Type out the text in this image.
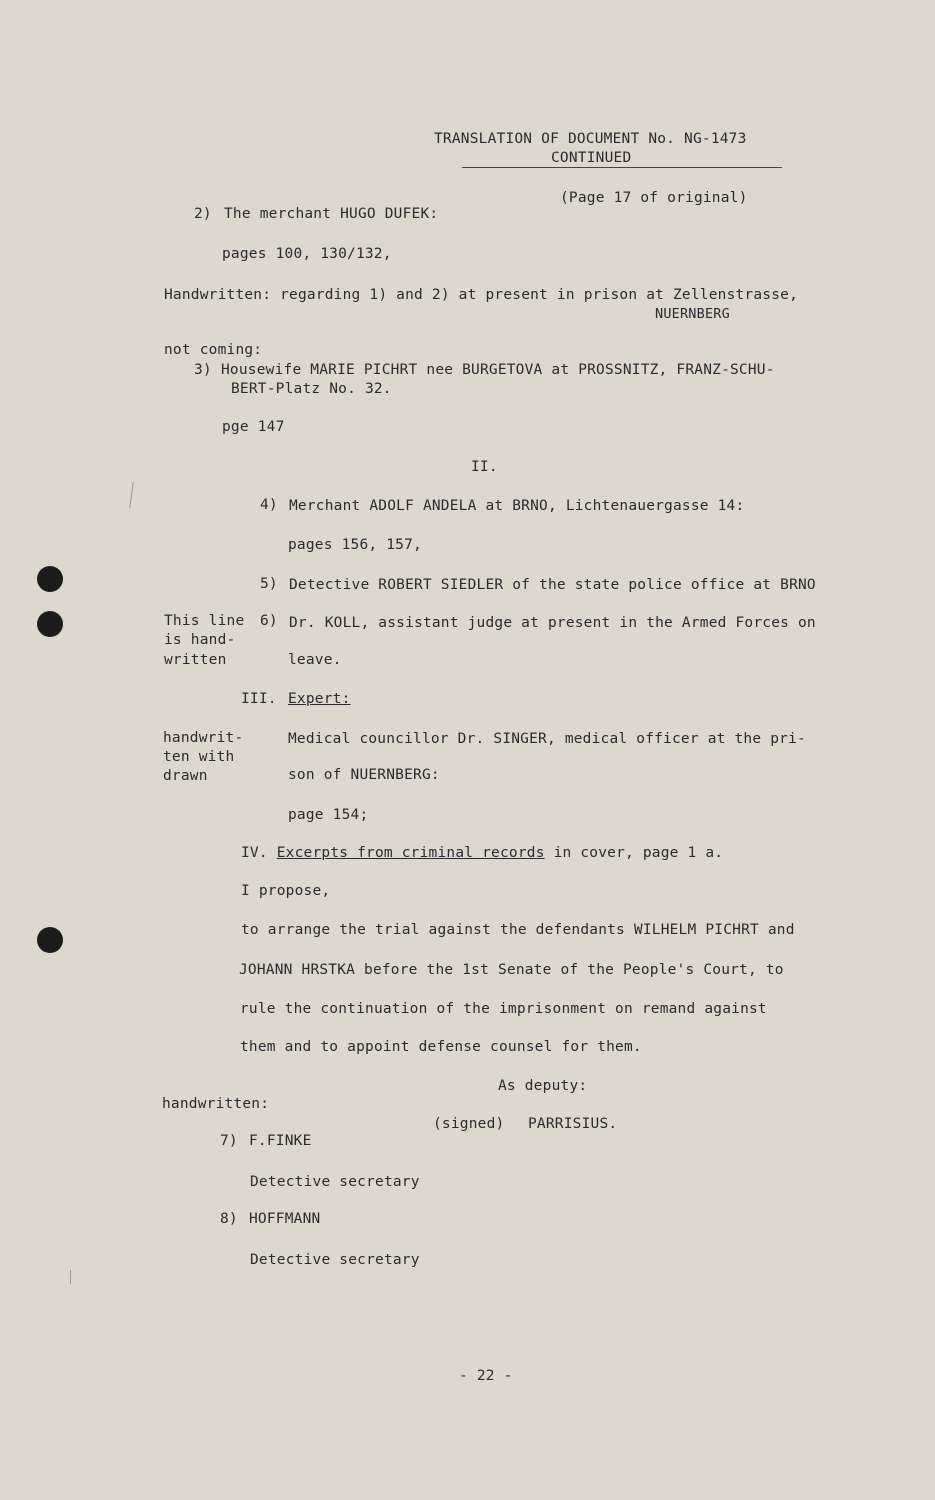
TRANSLATION OF DOCUMENT No. NG-1473
CONTINUED
(Page 17 of original)
2) The merchant HUGO DUFEK:
pages 100, 130/132,
Handwritten: regarding 1) and 2) at present in prison at Zellenstrasse,
NUERNBERG
not coming:
3) Housewife MARIE PICHRT nee BURGETOVA at PROSSNITZ, FRANZ-SCHU-
BERT-Platz No. 32.
pge 147
II.
4) Merchant ADOLF ANDELA at BRNO, Lichtenauergasse 14:
pages 156, 157,
5) Detective ROBERT SIEDLER of the state police office at BRNO
This line
is hand-
written
6) Dr. KOLL, assistant judge at present in the Armed Forces on
leave.
III. Expert:
handwrit-
ten with
drawn
Medical councillor Dr. SINGER, medical officer at the pri-
son of NUERNBERG:
page 154;
IV. Excerpts from criminal records in cover, page 1 a.
I propose,
to arrange the trial against the defendants WILHELM PICHRT and
JOHANN HRSTKA before the 1st Senate of the People's Court, to
rule the continuation of the imprisonment on remand against
them and to appoint defense counsel for them.
As deputy:
(signed) PARRISIUS.
handwritten:
7) F.FINKE
Detective secretary
8) HOFFMANN
Detective secretary
- 22 -
